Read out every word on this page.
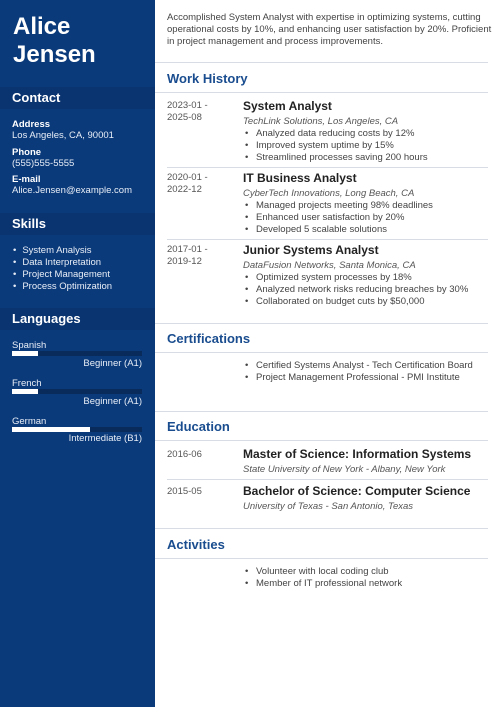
Alice
Jensen
Contact
Address
Los Angeles, CA, 90001
Phone
(555)555-5555
E-mail
Alice.Jensen@example.com
Skills
• System Analysis
• Data Interpretation
• Project Management
• Process Optimization
Languages
Spanish
Beginner (A1)
French
Beginner (A1)
German
Intermediate (B1)
Accomplished System Analyst with expertise in optimizing systems, cutting operational costs by 10%, and enhancing user satisfaction by 20%. Proficient in project management and process improvements.
Work History
2023-01 -
2025-08
System Analyst
TechLink Solutions, Los Angeles, CA
• Analyzed data reducing costs by 12%
• Improved system uptime by 15%
• Streamlined processes saving 200 hours
2020-01 -
2022-12
IT Business Analyst
CyberTech Innovations, Long Beach, CA
• Managed projects meeting 98% deadlines
• Enhanced user satisfaction by 20%
• Developed 5 scalable solutions
2017-01 -
2019-12
Junior Systems Analyst
DataFusion Networks, Santa Monica, CA
• Optimized system processes by 18%
• Analyzed network risks reducing breaches by 30%
• Collaborated on budget cuts by $50,000
Certifications
• Certified Systems Analyst - Tech Certification Board
• Project Management Professional - PMI Institute
Education
2016-06	Master of Science: Information Systems
State University of New York - Albany, New York
2015-05	Bachelor of Science: Computer Science
University of Texas - San Antonio, Texas
Activities
• Volunteer with local coding club
• Member of IT professional network
